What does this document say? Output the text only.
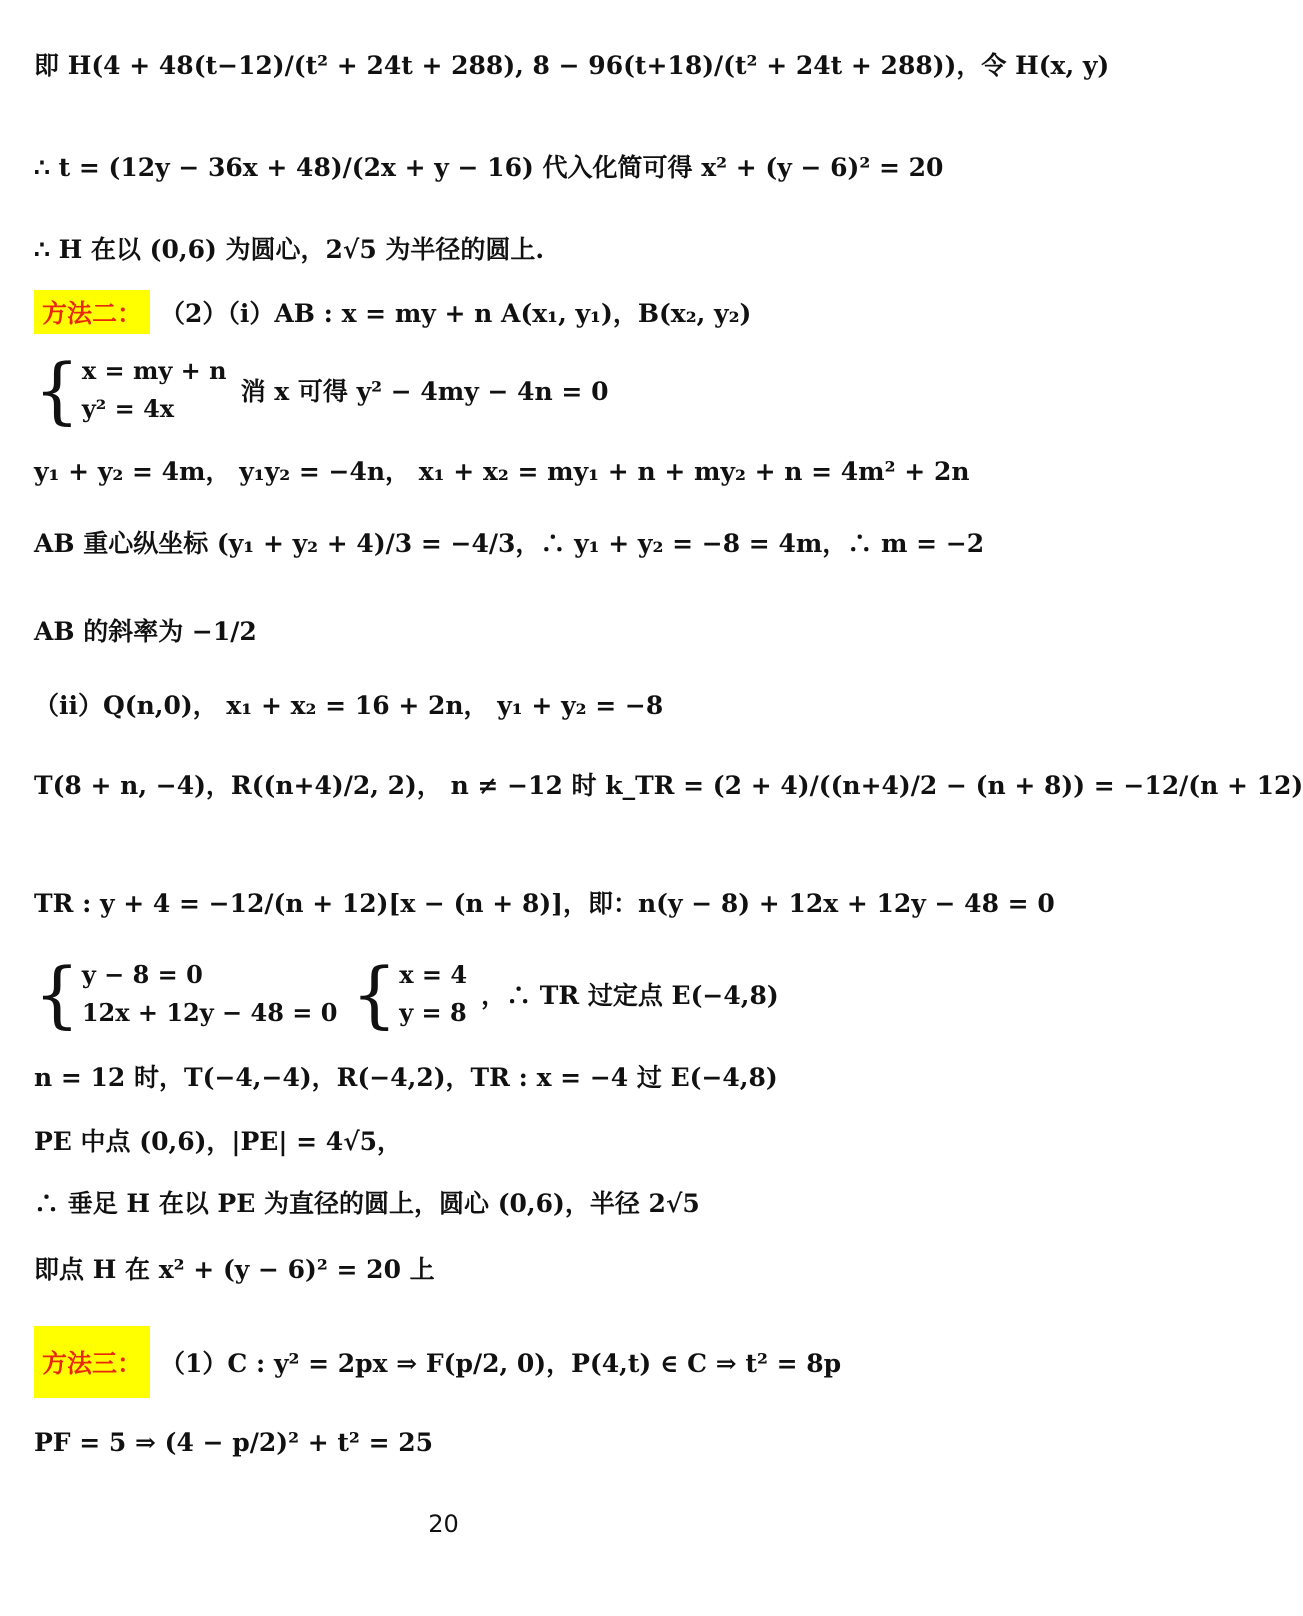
即 H(4 + 48(t−12)/(t² + 24t + 288), 8 − 96(t+18)/(t² + 24t + 288))，令 H(x, y)
∴ t = (12y − 36x + 48)/(2x + y − 16) 代入化简可得 x² + (y − 6)² = 20
∴ H 在以 (0,6) 为圆心，2√5 为半径的圆上.
方法二： （2）（ⅰ）AB : x = my + n A(x₁, y₁)，B(x₂, y₂)
{ x = my + n
y² = 4x
消 x 可得 y² − 4my − 4n = 0
y₁ + y₂ = 4m， y₁y₂ = −4n， x₁ + x₂ = my₁ + n + my₂ + n = 4m² + 2n
AB 重心纵坐标 (y₁ + y₂ + 4)/3 = −4/3，∴ y₁ + y₂ = −8 = 4m，∴ m = −2
AB 的斜率为 −1/2
（ⅱ）Q(n,0)， x₁ + x₂ = 16 + 2n， y₁ + y₂ = −8
T(8 + n, −4)，R((n+4)/2, 2)， n ≠ −12 时 k_TR = (2 + 4)/((n+4)/2 − (n + 8)) = −12/(n + 12)
TR : y + 4 = −12/(n + 12)[x − (n + 8)]，即：n(y − 8) + 12x + 12y − 48 = 0
{ y − 8 = 0
12x + 12y − 48 = 0 { x = 4
y = 8
，∴ TR 过定点 E(−4,8)
n = 12 时，T(−4,−4)，R(−4,2)，TR : x = −4 过 E(−4,8)
PE 中点 (0,6)，|PE| = 4√5，
∴ 垂足 H 在以 PE 为直径的圆上，圆心 (0,6)，半径 2√5
即点 H 在 x² + (y − 6)² = 20 上
方法三： （1）C : y² = 2px ⇒ F(p/2, 0)，P(4,t) ∈ C ⇒ t² = 8p
PF = 5 ⇒ (4 − p/2)² + t² = 25
20
